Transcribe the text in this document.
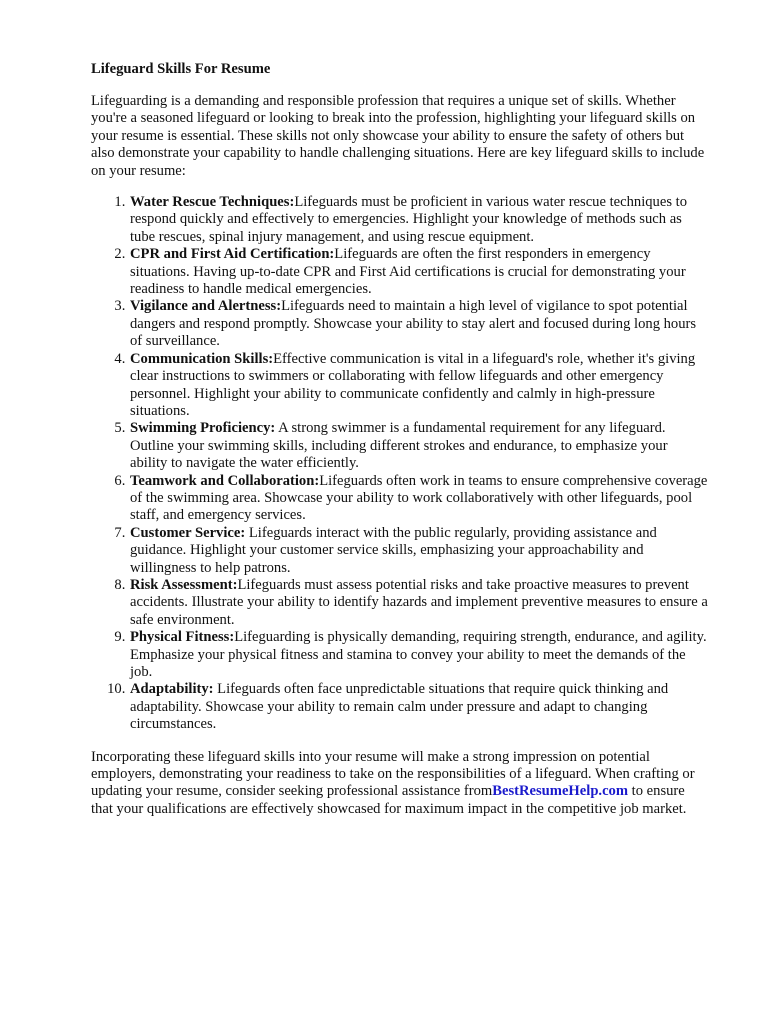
Lifeguard Skills For Resume

Lifeguarding is a demanding and responsible profession that requires a unique set of skills. Whether you're a seasoned lifeguard or looking to break into the profession, highlighting your lifeguard skills on your resume is essential. These skills not only showcase your ability to ensure the safety of others but also demonstrate your capability to handle challenging situations. Here are key lifeguard skills to include on your resume:

1. Water Rescue Techniques:Lifeguards must be proficient in various water rescue techniques to respond quickly and effectively to emergencies. Highlight your knowledge of methods such as tube rescues, spinal injury management, and using rescue equipment.
2. CPR and First Aid Certification:Lifeguards are often the first responders in emergency situations. Having up-to-date CPR and First Aid certifications is crucial for demonstrating your readiness to handle medical emergencies.
3. Vigilance and Alertness:Lifeguards need to maintain a high level of vigilance to spot potential dangers and respond promptly. Showcase your ability to stay alert and focused during long hours of surveillance.
4. Communication Skills:Effective communication is vital in a lifeguard's role, whether it's giving clear instructions to swimmers or collaborating with fellow lifeguards and other emergency personnel. Highlight your ability to communicate confidently and calmly in high-pressure situations.
5. Swimming Proficiency: A strong swimmer is a fundamental requirement for any lifeguard. Outline your swimming skills, including different strokes and endurance, to emphasize your ability to navigate the water efficiently.
6. Teamwork and Collaboration:Lifeguards often work in teams to ensure comprehensive coverage of the swimming area. Showcase your ability to work collaboratively with other lifeguards, pool staff, and emergency services.
7. Customer Service: Lifeguards interact with the public regularly, providing assistance and guidance. Highlight your customer service skills, emphasizing your approachability and willingness to help patrons.
8. Risk Assessment:Lifeguards must assess potential risks and take proactive measures to prevent accidents. Illustrate your ability to identify hazards and implement preventive measures to ensure a safe environment.
9. Physical Fitness:Lifeguarding is physically demanding, requiring strength, endurance, and agility. Emphasize your physical fitness and stamina to convey your ability to meet the demands of the job.
10. Adaptability: Lifeguards often face unpredictable situations that require quick thinking and adaptability. Showcase your ability to remain calm under pressure and adapt to changing circumstances.

Incorporating these lifeguard skills into your resume will make a strong impression on potential employers, demonstrating your readiness to take on the responsibilities of a lifeguard. When crafting or updating your resume, consider seeking professional assistance fromBestResumeHelp.com to ensure that your qualifications are effectively showcased for maximum impact in the competitive job market.
